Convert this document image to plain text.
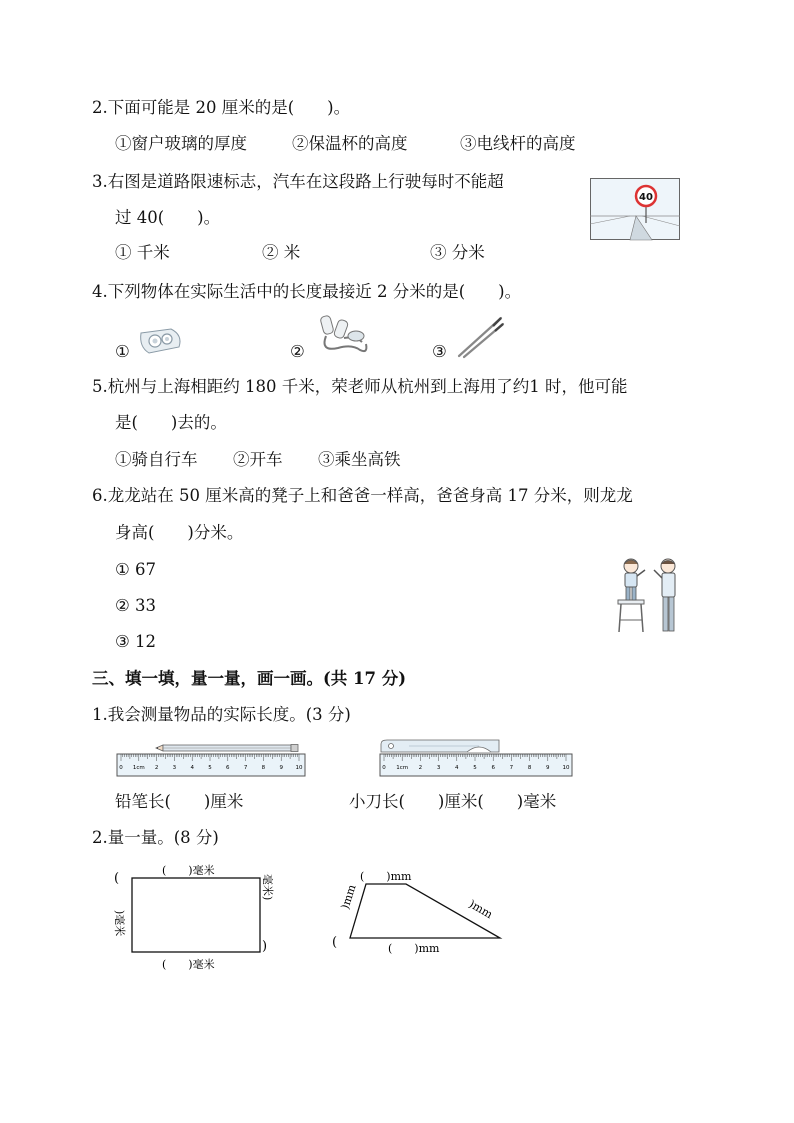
2.下面可能是 20 厘米的是(　　)。
①窗户玻璃的厚度	②保温杯的高度	③电线杆的高度
3.右图是道路限速标志，汽车在这段路上行驶每时不能超
过 40(　　)。
① 千米	② 米	③ 分米
40
4.下列物体在实际生活中的长度最接近 2 分米的是(　　)。
①	②	③
5.杭州与上海相距约 180 千米，荣老师从杭州到上海用了约1 时，他可能
是(　　)去的。
①骑自行车 ②开车 ③乘坐高铁
6.龙龙站在 50 厘米高的凳子上和爸爸一样高，爸爸身高 17 分米，则龙龙
身高(　　)分米。
① 67
② 33
③ 12
三、填一填，量一量，画一画。(共 17 分)
1.我会测量物品的实际长度。(3 分)
0 1cm 2	3	4	5	6	7	8	9 10	0 1cm 2	3	4	5	6	7	8	9 10
铅笔长(　　)厘米	小刀长(　　)厘米(　　)毫米
2.量一量。(8 分)
(
(　　)毫米
(　　)毫米
)毫米
毫米)
)
(　　)mm
(　　)mm
)mm	)mm
(
